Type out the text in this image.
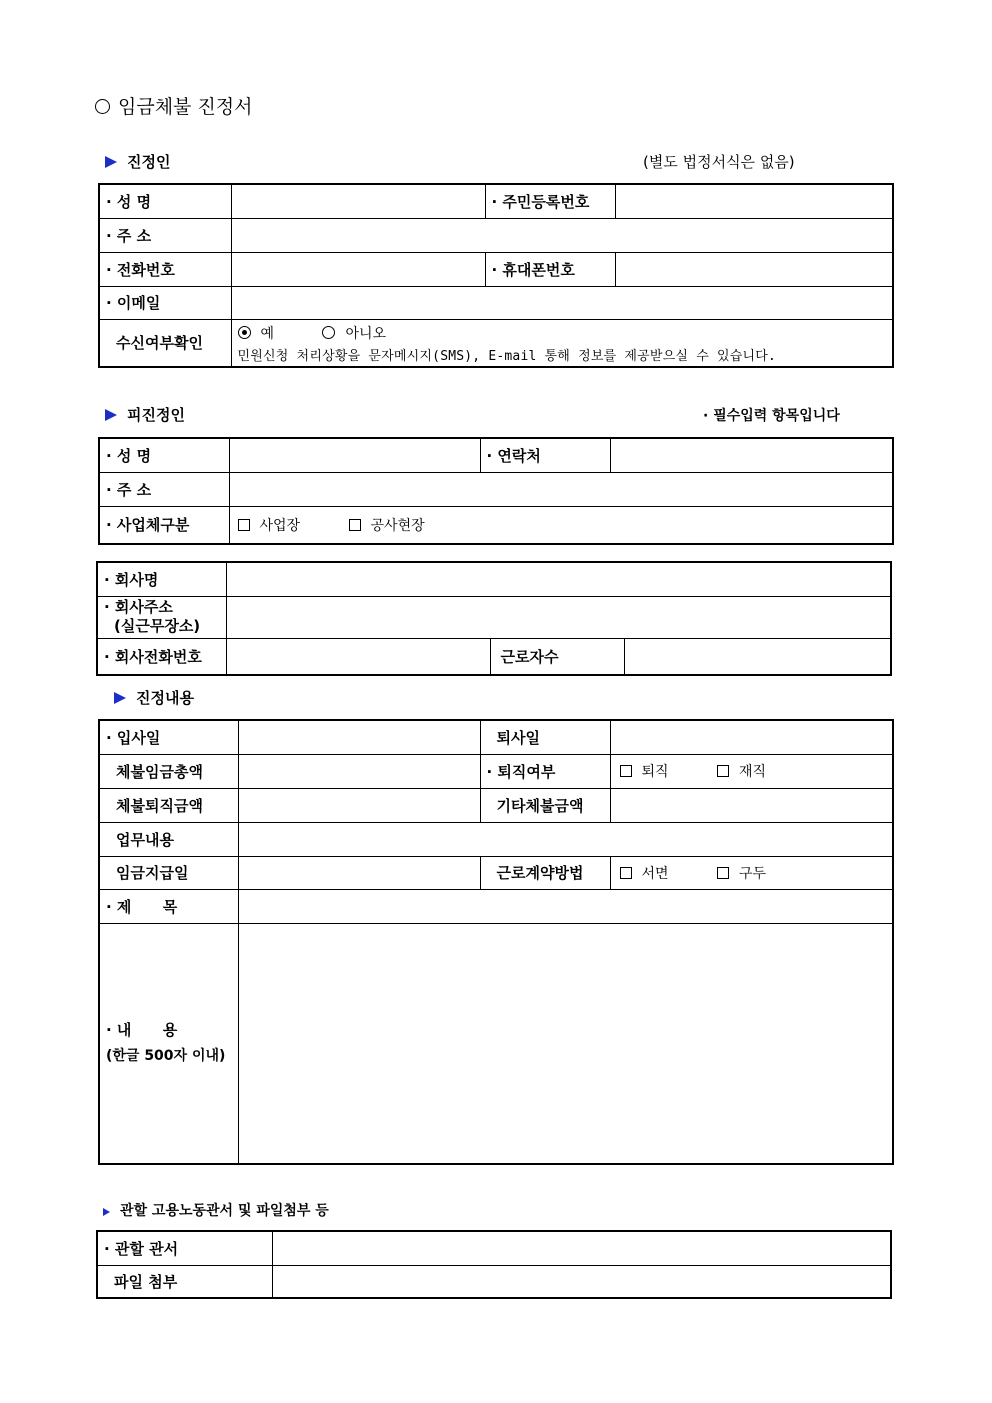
임금체불 진정서
진정인	(별도 법정서식은 없음)
· 성 명		· 주민등록번호	
· 주 소			
· 전화번호		· 휴대폰번호	
· 이메일			
수신여부확인	예 아니오
민원신청 처리상황을 문자메시지(SMS), E-mail 통해 정보를 제공받으실 수 있습니다.		
피진정인	· 필수입력 항목입니다
· 성 명		· 연락처	
· 주 소			
· 사업체구분	사업장 공사현장		
· 회사명			

· 회사주소
(실근무장소)			

· 회사전화번호		근로자수	
진정내용
· 입사일		퇴사일	
체불임금총액		· 퇴직여부	퇴직 재직
체불퇴직금액		기타체불금액	
업무내용			
임금지급일		근로계약방법	서면 구두
· 제      목			

· 내      용
(한글 500자 이내)			

관할 고용노동관서 및 파일첨부 등
· 관할 관서	
파일 첨부	
